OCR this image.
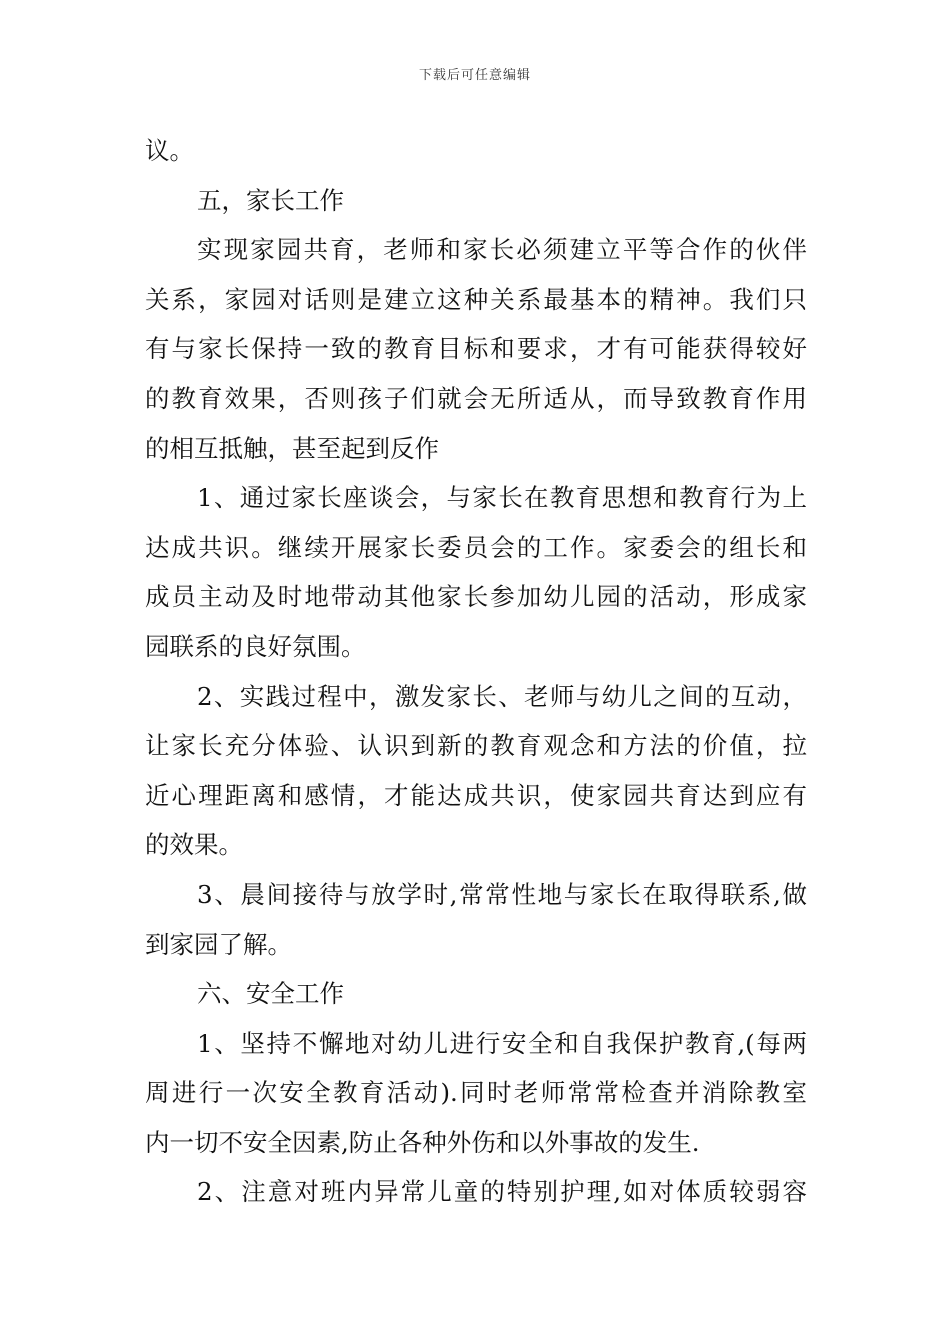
下载后可任意编辑
议。
五，家长工作
实现家园共育，老师和家长必须建立平等合作的伙伴
关系，家园对话则是建立这种关系最基本的精神。我们只
有与家长保持一致的教育目标和要求，才有可能获得较好
的教育效果，否则孩子们就会无所适从，而导致教育作用
的相互抵触，甚至起到反作
1、通过家长座谈会，与家长在教育思想和教育行为上
达成共识。继续开展家长委员会的工作。家委会的组长和
成员主动及时地带动其他家长参加幼儿园的活动，形成家
园联系的良好氛围。
2、实践过程中，激发家长、老师与幼儿之间的互动，
让家长充分体验、认识到新的教育观念和方法的价值，拉
近心理距离和感情，才能达成共识，使家园共育达到应有
的效果。
3、晨间接待与放学时,常常性地与家长在取得联系,做
到家园了解。
六、安全工作
1、坚持不懈地对幼儿进行安全和自我保护教育,(每两
周进行一次安全教育活动).同时老师常常检查并消除教室
内一切不安全因素,防止各种外伤和以外事故的发生.
2、注意对班内异常儿童的特别护理,如对体质较弱容
